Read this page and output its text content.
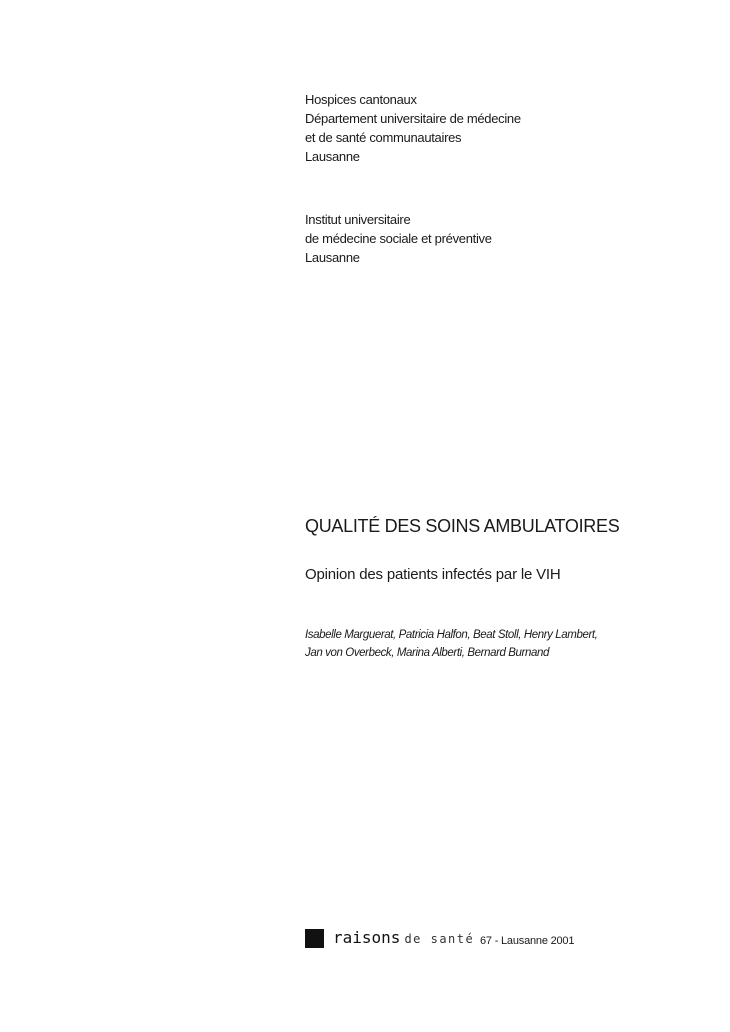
Hospices cantonaux
Département universitaire de médecine
et de santé communautaires
Lausanne
Institut universitaire
de médecine sociale et préventive
Lausanne
QUALITÉ DES SOINS AMBULATOIRES
Opinion des patients infectés par le VIH
Isabelle Marguerat, Patricia Halfon, Beat Stoll, Henry Lambert,
Jan von Overbeck, Marina Alberti, Bernard Burnand
raisons de santé 67 - Lausanne 2001
